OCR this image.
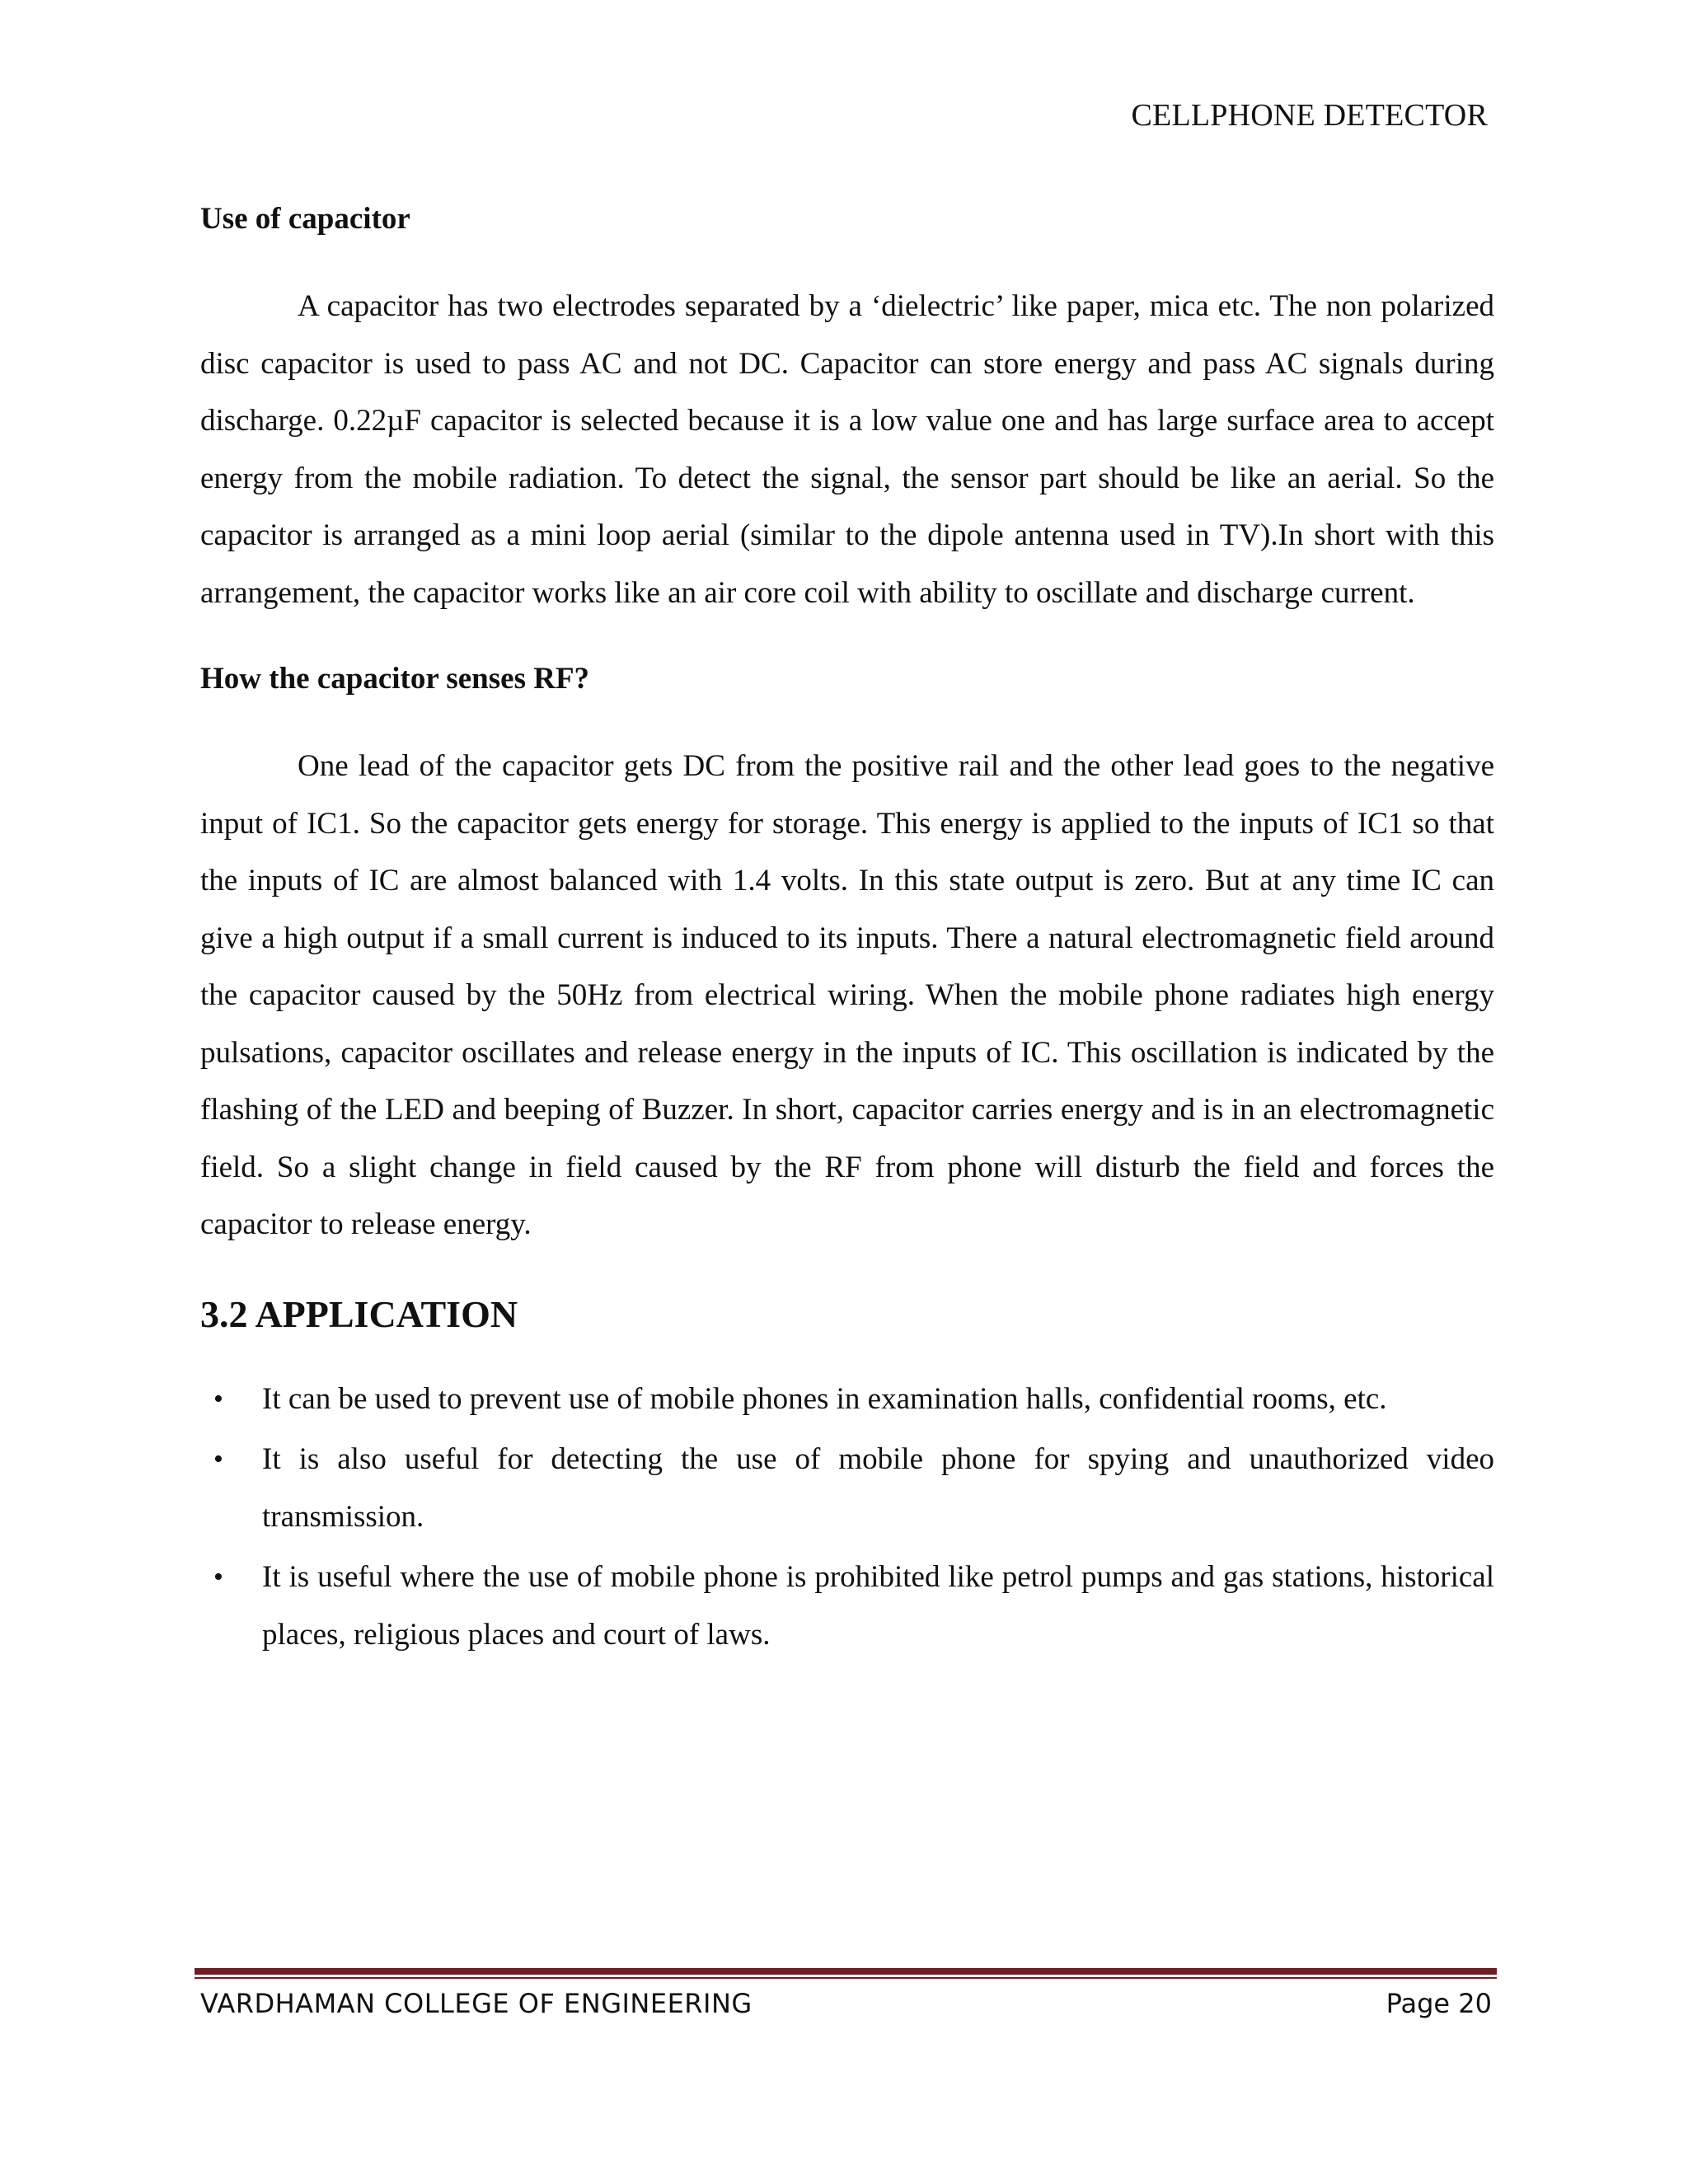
CELLPHONE DETECTOR
Use of capacitor

A capacitor has two electrodes separated by a ‘dielectric’ like paper, mica etc. The non polarized disc capacitor is used to pass AC and not DC. Capacitor can store energy and pass AC signals during discharge. 0.22µF capacitor is selected because it is a low value one and has large surface area to accept energy from the mobile radiation. To detect the signal, the sensor part should be like an aerial. So the capacitor is arranged as a mini loop aerial (similar to the dipole antenna used in TV).In short with this arrangement, the capacitor works like an air core coil with ability to oscillate and discharge current.

How the capacitor senses RF?

One lead of the capacitor gets DC from the positive rail and the other lead goes to the negative input of IC1. So the capacitor gets energy for storage. This energy is applied to the inputs of IC1 so that the inputs of IC are almost balanced with 1.4 volts. In this state output is zero. But at any time IC can give a high output if a small current is induced to its inputs. There a natural electromagnetic field around the capacitor caused by the 50Hz from electrical wiring. When the mobile phone radiates high energy pulsations, capacitor oscillates and release energy in the inputs of IC. This oscillation is indicated by the flashing of the LED and beeping of Buzzer. In short, capacitor carries energy and is in an electromagnetic field. So a slight change in field caused by the RF from phone will disturb the field and forces the capacitor to release energy.

3.2 APPLICATION
• It can be used to prevent use of mobile phones in examination halls, confidential rooms, etc.
• It is also useful for detecting the use of mobile phone for spying and unauthorized video transmission.
• It is useful where the use of mobile phone is prohibited like petrol pumps and gas stations, historical places, religious places and court of laws.
VARDHAMAN COLLEGE OF ENGINEERING	Page 20
